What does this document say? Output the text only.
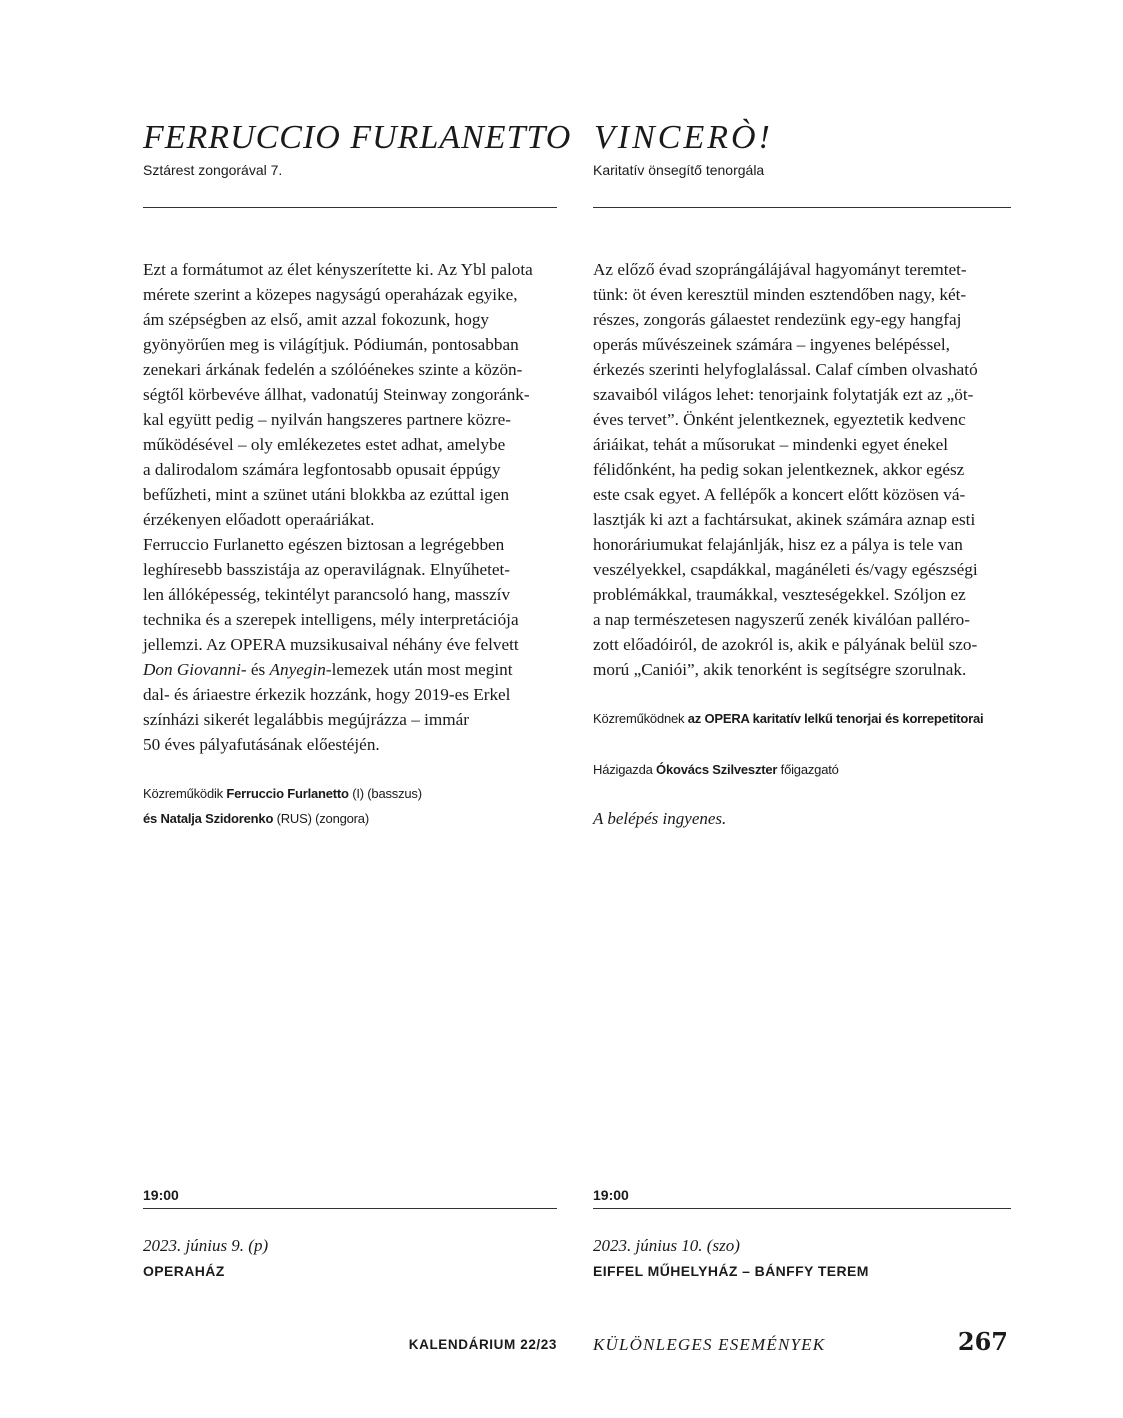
FERRUCCIO FURLANETTO

Sztárest zongorával 7.

Ezt a formátumot az élet kényszerítette ki. Az Ybl palota
mérete szerint a közepes nagyságú operaházak egyike,
ám szépségben az első, amit azzal fokozunk, hogy
gyönyörűen meg is világítjuk. Pódiumán, pontosabban
zenekari árkának fedelén a szólóénekes szinte a közön-
ségtől körbevéve állhat, vadonatúj Steinway zongoránk-
kal együtt pedig – nyilván hangszeres partnere közre-
működésével – oly emlékezetes estet adhat, amelybe
a dalirodalom számára legfontosabb opusait éppúgy
befűzheti, mint a szünet utáni blokkba az ezúttal igen
érzékenyen előadott operaáriákat.
Ferruccio Furlanetto egészen biztosan a legrégebben
leghíresebb basszistája az operavilágnak. Elnyűhetet-
len állóképesség, tekintélyt parancsoló hang, masszív
technika és a szerepek intelligens, mély interpretációja
jellemzi. Az OPERA muzsikusaival néhány éve felvett
Don Giovanni- és Anyegin-lemezek után most megint
dal- és áriaestre érkezik hozzánk, hogy 2019-es Erkel
színházi sikerét legalábbis megújrázza – immár
50 éves pályafutásának előestéjén.

Közreműködik Ferruccio Furlanetto (I) (basszus)

és Natalja Szidorenko (RUS) (zongora)

19:00

2023. június 9. (p)

OPERAHÁZ

VINCERÒ!

Karitatív önsegítő tenorgála

Az előző évad szoprángálájával hagyományt teremtet-
tünk: öt éven keresztül minden esztendőben nagy, két-
részes, zongorás gálaestet rendezünk egy-egy hangfaj
operás művészeinek számára – ingyenes belépéssel,
érkezés szerinti helyfoglalással. Calaf címben olvasható
szavaiból világos lehet: tenorjaink folytatják ezt az „öt-
éves tervet”. Önként jelentkeznek, egyeztetik kedvenc
áriáikat, tehát a műsorukat – mindenki egyet énekel
félidőnként, ha pedig sokan jelentkeznek, akkor egész
este csak egyet. A fellépők a koncert előtt közösen vá-
lasztják ki azt a fachtársukat, akinek számára aznap esti
honoráriumukat felajánlják, hisz ez a pálya is tele van
veszélyekkel, csapdákkal, magánéleti és/vagy egészségi
problémákkal, traumákkal, veszteségekkel. Szóljon ez
a nap természetesen nagyszerű zenék kiválóan palléro-
zott előadóiról, de azokról is, akik e pályának belül szo-
morú „Caniói”, akik tenorként is segítségre szorulnak.

Közreműködnek az OPERA karitatív lelkű tenorjai és korrepetitorai

Házigazda Ókovács Szilveszter főigazgató

A belépés ingyenes.

19:00

2023. június 10. (szo)

EIFFEL MŰHELYHÁZ – BÁNFFY TEREM

KALENDÁRIUM 22/23 KÜLÖNLEGES ESEMÉNYEK	267
